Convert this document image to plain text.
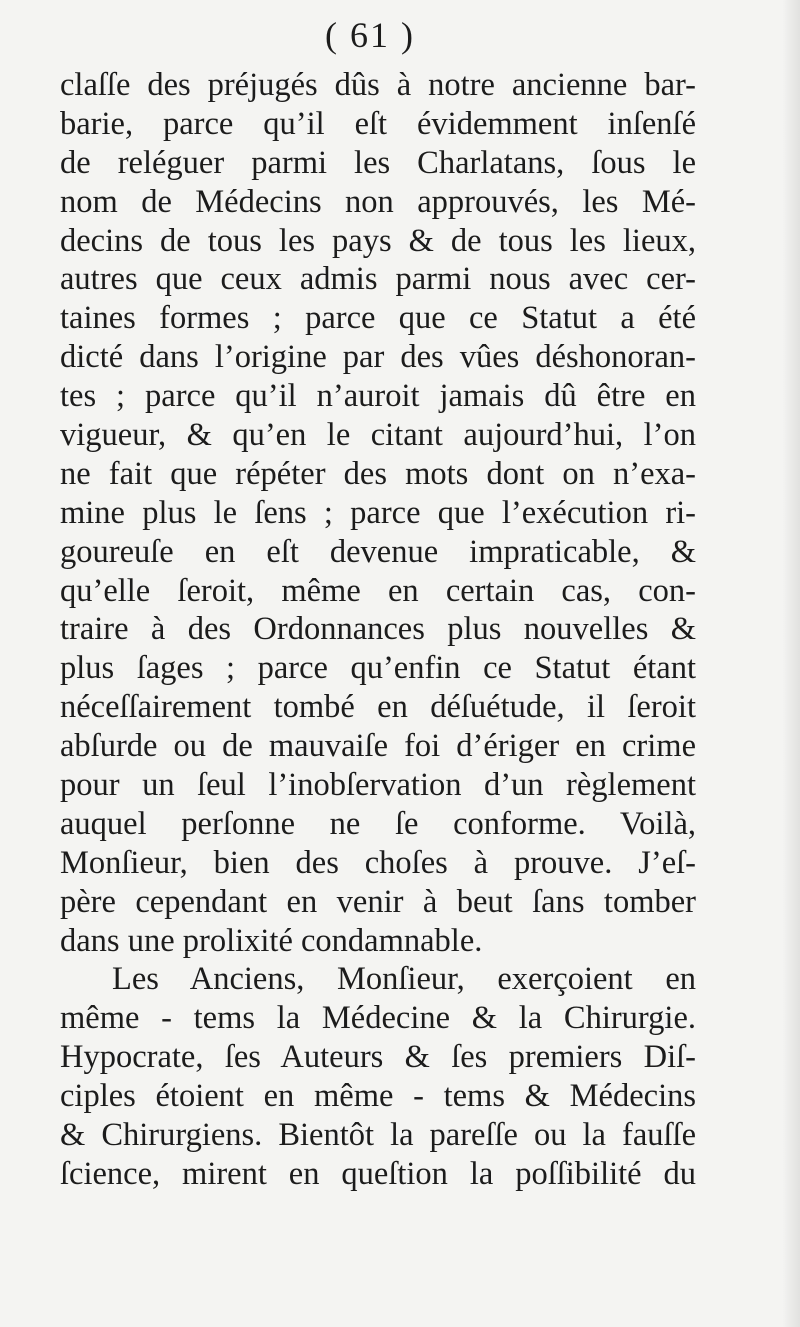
( 61 )
claſſe des préjugés dûs à notre ancienne bar-
barie, parce qu’il eſt évidemment inſenſé
de reléguer parmi les Charlatans, ſous le
nom de Médecins non approuvés, les Mé-
decins de tous les pays & de tous les lieux,
autres que ceux admis parmi nous avec cer-
taines formes ; parce que ce Statut a été
dicté dans l’origine par des vûes déshonoran-
tes ; parce qu’il n’auroit jamais dû être en
vigueur, & qu’en le citant aujourd’hui, l’on
ne fait que répéter des mots dont on n’exa-
mine plus le ſens ; parce que l’exécution ri-
goureuſe en eſt devenue impraticable, &
qu’elle ſeroit, même en certain cas, con-
traire à des Ordonnances plus nouvelles &
plus ſages ; parce qu’enfin ce Statut étant
néceſſairement tombé en déſuétude, il ſeroit
abſurde ou de mauvaiſe foi d’ériger en crime
pour un ſeul l’inobſervation d’un règlement
auquel perſonne ne ſe conforme. Voilà,
Monſieur, bien des choſes à prouve. J’eſ-
père cependant en venir à beut ſans tomber
dans une prolixité condamnable.
Les Anciens, Monſieur, exerçoient en
même - tems la Médecine & la Chirurgie.
Hypocrate, ſes Auteurs & ſes premiers Diſ-
ciples étoient en même - tems & Médecins
& Chirurgiens. Bientôt la pareſſe ou la fauſſe
ſcience, mirent en queſtion la poſſibilité du
